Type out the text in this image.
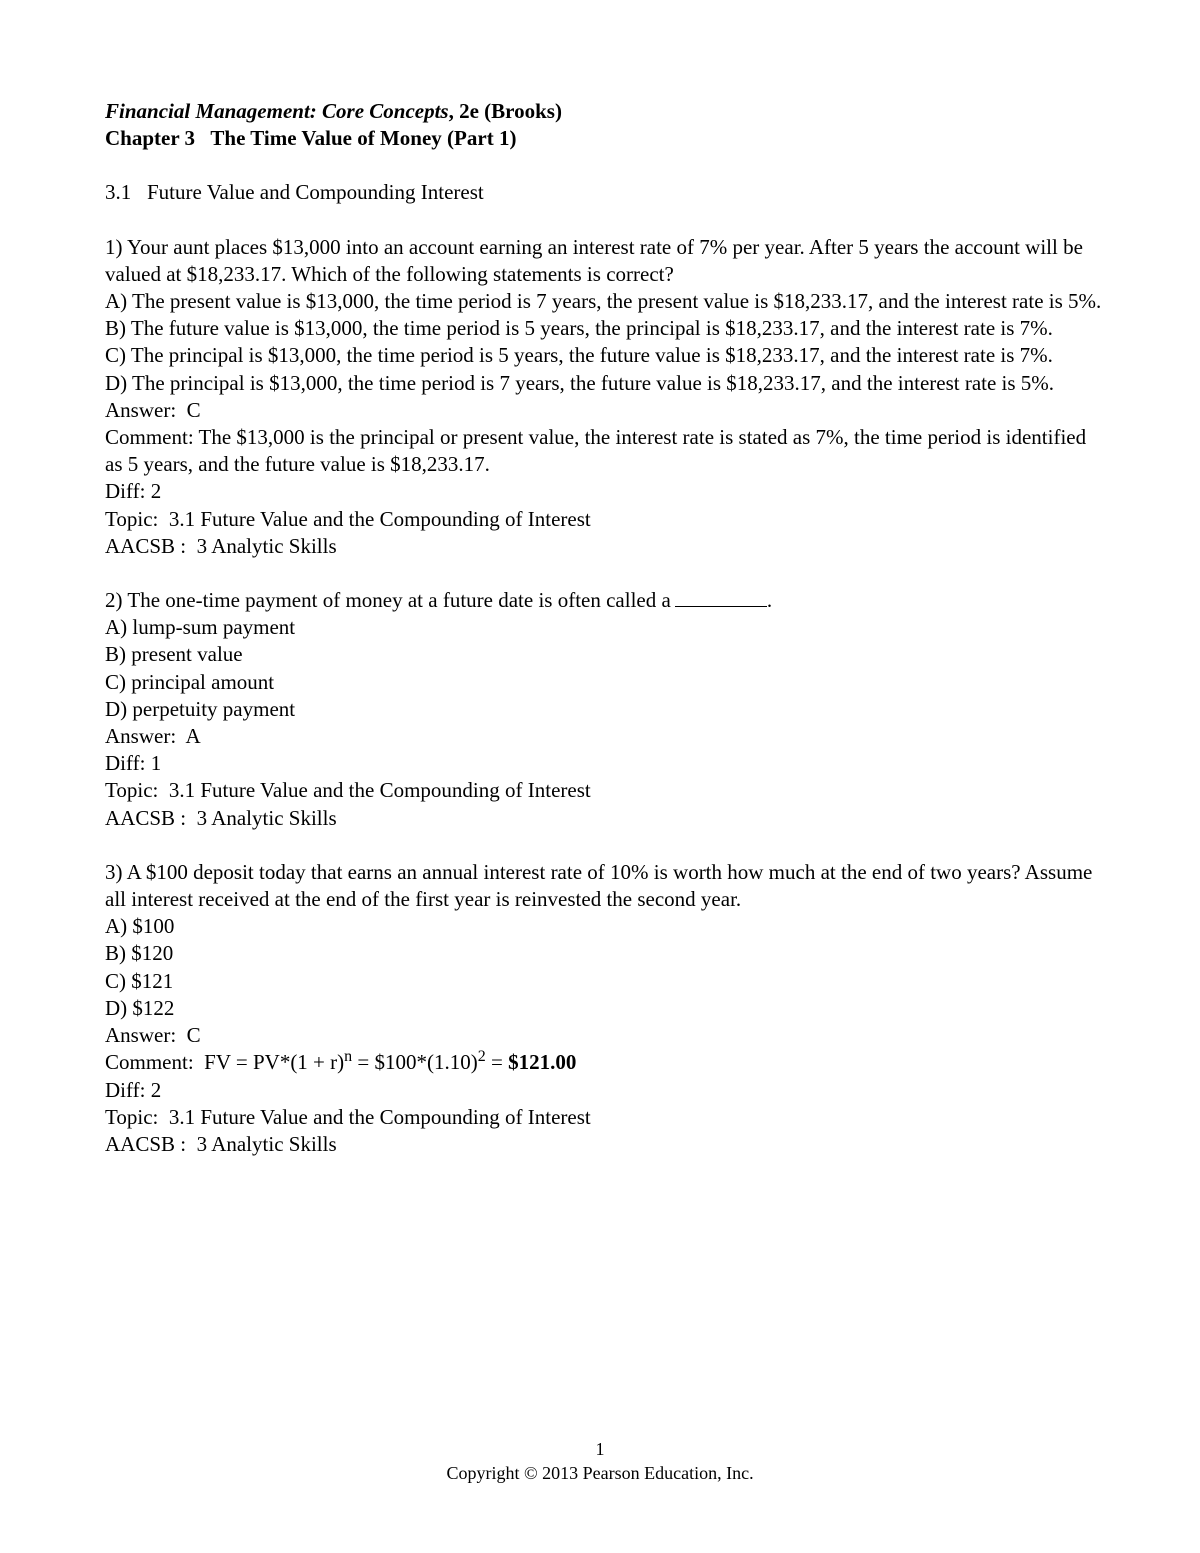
Financial Management: Core Concepts, 2e (Brooks)

Chapter 3   The Time Value of Money (Part 1)

3.1   Future Value and Compounding Interest

1) Your aunt places $13,000 into an account earning an interest rate of 7% per year. After 5 years the account will be valued at $18,233.17. Which of the following statements is correct?

A) The present value is $13,000, the time period is 7 years, the present value is $18,233.17, and the interest rate is 5%.

B) The future value is $13,000, the time period is 5 years, the principal is $18,233.17, and the interest rate is 7%.

C) The principal is $13,000, the time period is 5 years, the future value is $18,233.17, and the interest rate is 7%.

D) The principal is $13,000, the time period is 7 years, the future value is $18,233.17, and the interest rate is 5%.

Answer:  C

Comment: The $13,000 is the principal or present value, the interest rate is stated as 7%, the time period is identified as 5 years, and the future value is $18,233.17.

Diff: 2

Topic:  3.1 Future Value and the Compounding of Interest

AACSB :  3 Analytic Skills

2) The one-time payment of money at a future date is often called a	.

A) lump-sum payment

B) present value

C) principal amount

D) perpetuity payment

Answer:  A

Diff: 1

Topic:  3.1 Future Value and the Compounding of Interest

AACSB :  3 Analytic Skills

3) A $100 deposit today that earns an annual interest rate of 10% is worth how much at the end of two years? Assume all interest received at the end of the first year is reinvested the second year.

A) $100

B) $120

C) $121

D) $122

Answer:  C

Comment:  FV = $PV*(1 + r)^n$ = $\$100*(1.10)^2$ = $121.00

Diff: 2

Topic:  3.1 Future Value and the Compounding of Interest

AACSB :  3 Analytic Skills

1
Copyright © 2013 Pearson Education, Inc.
